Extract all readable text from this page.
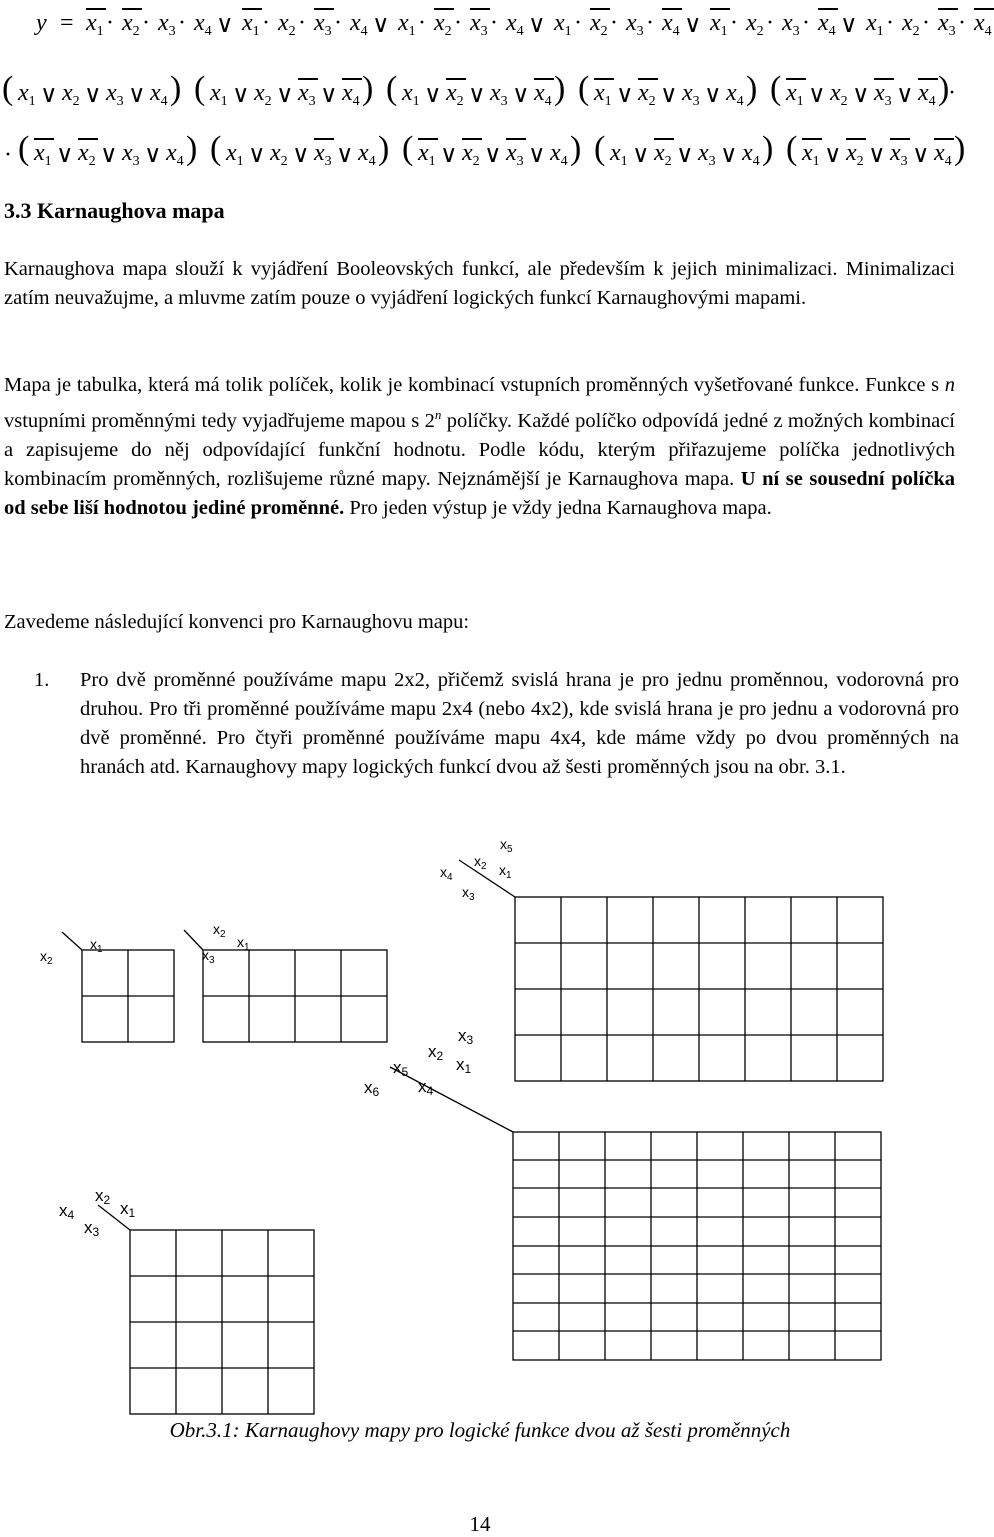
$y = x_1 \cdot x_2 \cdot x_3 \cdot x_4$ ∨ $x_1 \cdot x_2 \cdot x_3 \cdot x_4$ ∨ $x_1 \cdot x_2 \cdot x_3 \cdot x_4$ ∨ $x_1 \cdot x_2 \cdot x_3 \cdot x_4$ ∨ $x_1 \cdot x_2 \cdot x_3 \cdot x_4$ ∨ $x_1 \cdot x_2 \cdot x_3 \cdot x_4$
( $x_1$ ∨ $x_2$ ∨ $x_3$ ∨ $x_4$ ) ( $x_1$ ∨ $x_2$ ∨ $x_3$ ∨ $x_4$ ) ( $x_1$ ∨ $x_2$ ∨ $x_3$ ∨ $x_4$ ) ( $x_1$ ∨ $x_2$ ∨ $x_3$ ∨ $x_4$ ) ( $x_1$ ∨ $x_2$ ∨ $x_3$ ∨ $x_4$ )
·
· ( $x_1$ ∨ $x_2$ ∨ $x_3$ ∨ $x_4$ ) ( $x_1$ ∨ $x_2$ ∨ $x_3$ ∨ $x_4$ ) ( $x_1$ ∨ $x_2$ ∨ $x_3$ ∨ $x_4$ ) ( $x_1$ ∨ $x_2$ ∨ $x_3$ ∨ $x_4$ ) ( $x_1$ ∨ $x_2$ ∨ $x_3$ ∨ $x_4$ )
3.3 Karnaughova mapa
Karnaughova mapa slouží k vyjádření Booleovských funkcí, ale především k jejich minimalizaci. Minimalizaci zatím neuvažujme, a mluvme zatím pouze o vyjádření logických funkcí Karnaughovými mapami.
Mapa je tabulka, která má tolik políček, kolik je kombinací vstupních proměnných vyšetřované funkce. Funkce s n vstupními proměnnými tedy vyjadřujeme mapou s 2$^n$ políčky. Každé políčko odpovídá jedné z možných kombinací a zapisujeme do něj odpovídající funkční hodnotu. Podle kódu, kterým přiřazujeme políčka jednotlivých kombinacím proměnných, rozlišujeme různé mapy. Nejznámější je Karnaughova mapa. U ní se sousední políčka od sebe liší hodnotou jediné proměnné. Pro jeden výstup je vždy jedna Karnaughova mapa.
Zavedeme následující konvenci pro Karnaughovu mapu:
1. Pro dvě proměnné používáme mapu 2x2, přičemž svislá hrana je pro jednu proměnnou, vodorovná pro druhou. Pro tři proměnné používáme mapu 2x4 (nebo 4x2), kde svislá hrana je pro jednu a vodorovná pro dvě proměnné. Pro čtyři proměnné používáme mapu 4x4, kde máme vždy po dvou proměnných na hranách atd. Karnaughovy mapy logických funkcí dvou až šesti proměnných jsou na obr. 3.1.
$x_1$
$x_2$
$x_2$ $x_1$
$x_3$
$x_5$
$x_2$ $x_1$
$x_4$
$x_3$
$x_3$
$x_2$ $x_1$
$x_5$
$x_6$ $x_4$
$x_2$
$x_4$	$x_1$
$x_3$
Obr.3.1: Karnaughovy mapy pro logické funkce dvou až šesti proměnných
14
